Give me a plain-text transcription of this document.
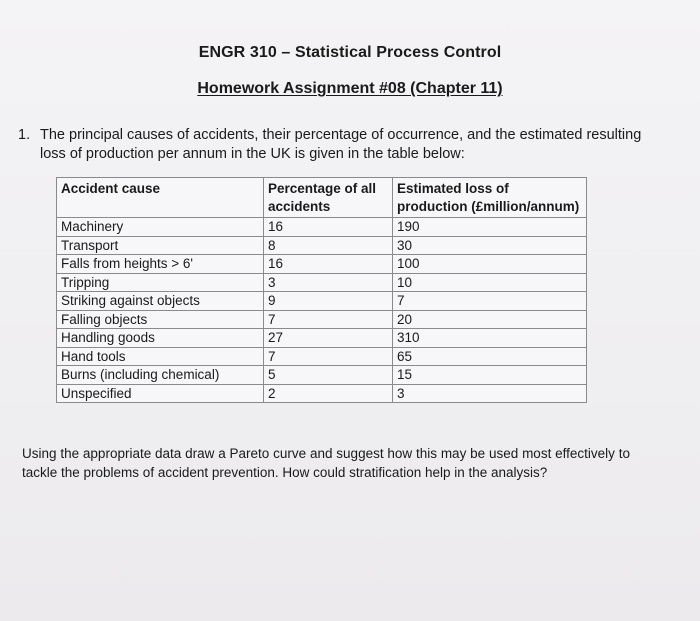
ENGR 310 – Statistical Process Control
Homework Assignment #08 (Chapter 11)
1. The principal causes of accidents, their percentage of occurrence, and the estimated resulting loss of production per annum in the UK is given in the table below:
Accident cause	Percentage of all accidents	Estimated loss of production (£million/annum)
Machinery	16	190
Transport	8	30
Falls from heights > 6'	16	100
Tripping	3	10
Striking against objects	9	7
Falling objects	7	20
Handling goods	27	310
Hand tools	7	65
Burns (including chemical)	5	15
Unspecified	2	3
Using the appropriate data draw a Pareto curve and suggest how this may be used most effectively to tackle the problems of accident prevention. How could stratification help in the analysis?
